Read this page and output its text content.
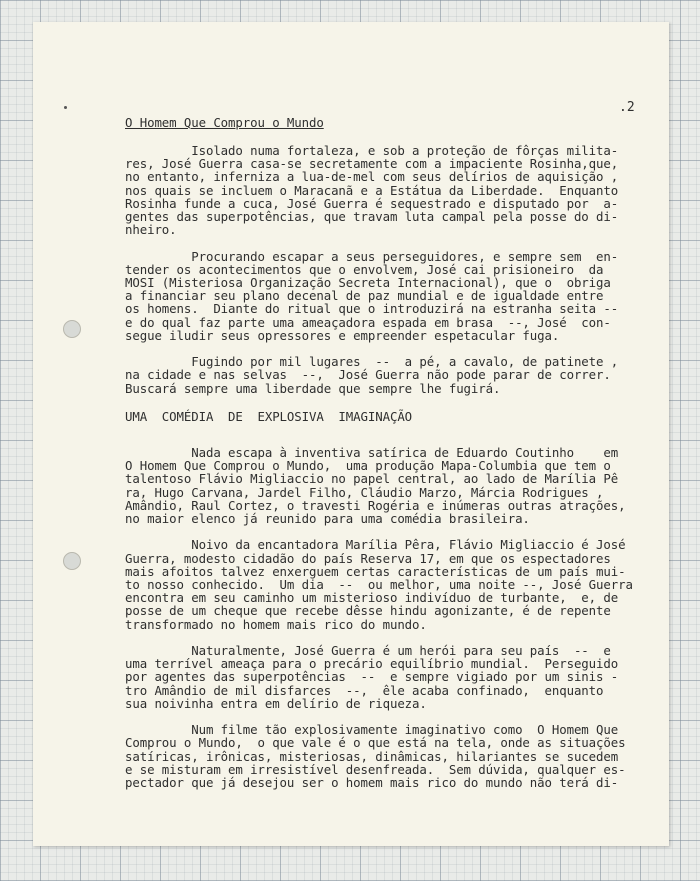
.2
O Homem Que Comprou o Mundo
Isolado numa fortaleza, e sob a proteção de fôrças milita-
res, José Guerra casa-se secretamente com a impaciente Rosinha,que,
no entanto, inferniza a lua-de-mel com seus delírios de aquisição ,
nos quais se incluem o Maracanã e a Estátua da Liberdade.  Enquanto
Rosinha funde a cuca, José Guerra é sequestrado e disputado por  a-
gentes das superpotências, que travam luta campal pela posse do di-
nheiro.

Procurando escapar a seus perseguidores, e sempre sem  en-
tender os acontecimentos que o envolvem, José cai prisioneiro  da
MOSI (Misteriosa Organização Secreta Internacional), que o  obriga
a financiar seu plano decenal de paz mundial e de igualdade entre
os homens.  Diante do ritual que o introduzirá na estranha seita --
e do qual faz parte uma ameaçadora espada em brasa  --, José  con-
segue iludir seus opressores e empreender espetacular fuga.

Fugindo por mil lugares  --  a pé, a cavalo, de patinete ,
na cidade e nas selvas  --,  José Guerra não pode parar de correr.
Buscará sempre uma liberdade que sempre lhe fugirá.
UMA  COMÉDIA  DE  EXPLOSIVA  IMAGINAÇÃO
Nada escapa à inventiva satírica de Eduardo Coutinho    em
O Homem Que Comprou o Mundo,  uma produção Mapa-Columbia que tem o
talentoso Flávio Migliaccio no papel central, ao lado de Marília Pê
ra, Hugo Carvana, Jardel Filho, Cláudio Marzo, Márcia Rodrigues ,
Amândio, Raul Cortez, o travesti Rogéria e inúmeras outras atrações,
no maior elenco já reunido para uma comédia brasileira.

Noivo da encantadora Marília Pêra, Flávio Migliaccio é José
Guerra, modesto cidadão do país Reserva 17, em que os espectadores
mais afoitos talvez enxerguem certas características de um país mui-
to nosso conhecido.  Um dia  --  ou melhor, uma noite --, José Guerra
encontra em seu caminho um misterioso indivíduo de turbante,  e, de
posse de um cheque que recebe dêsse hindu agonizante, é de repente
transformado no homem mais rico do mundo.

Naturalmente, José Guerra é um herói para seu país  --  e
uma terrível ameaça para o precário equilíbrio mundial.  Perseguido
por agentes das superpotências  --  e sempre vigiado por um sinis -
tro Amândio de mil disfarces  --,  êle acaba confinado,  enquanto
sua noivinha entra em delírio de riqueza.

Num filme tão explosivamente imaginativo como  O Homem Que
Comprou o Mundo,  o que vale é o que está na tela, onde as situações
satíricas, irônicas, misteriosas, dinâmicas, hilariantes se sucedem
e se misturam em irresistível desenfreada.  Sem dúvida, qualquer es-
pectador que já desejou ser o homem mais rico do mundo não terá di-
